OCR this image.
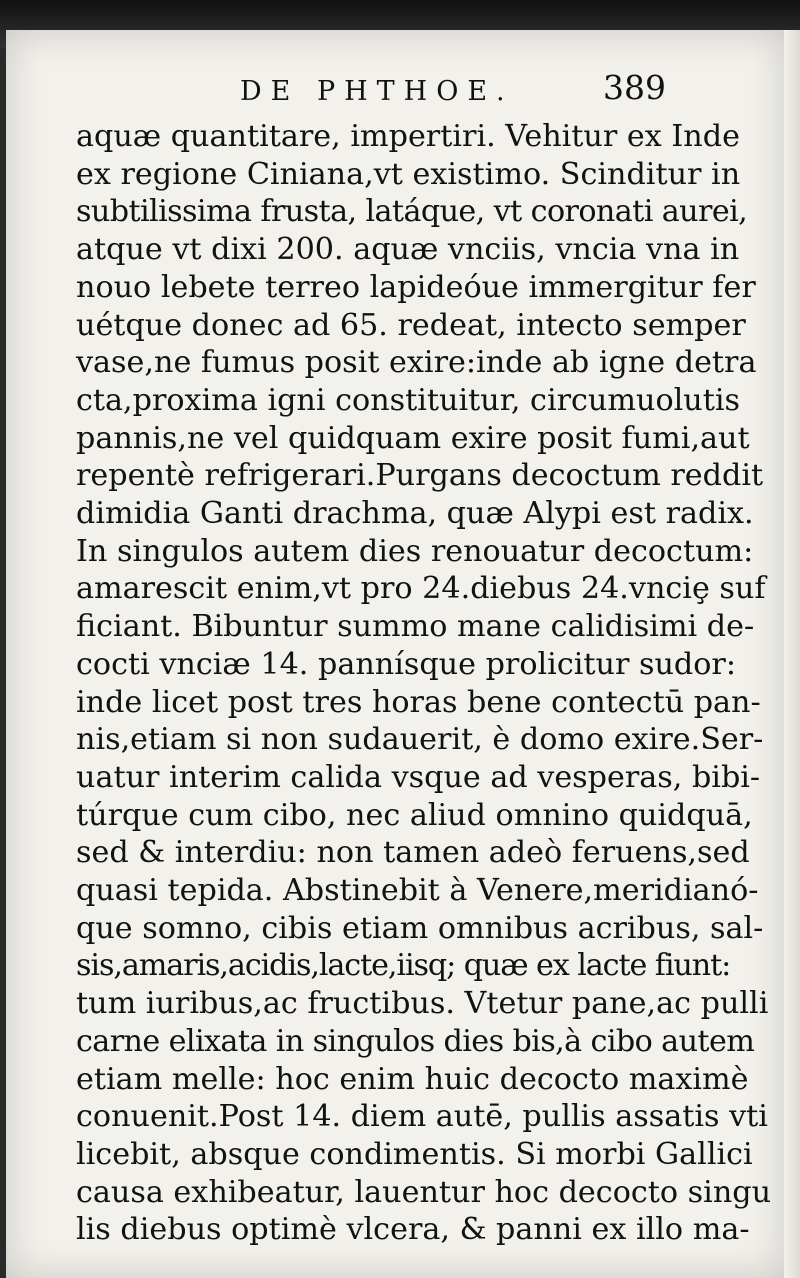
DE PHTHOE.	389
aquæ quantitare, impertiri. Vehitur ex Inde
ex regione Ciniana,vt existimo. Scinditur in
subtilissima frusta, latáque, vt coronati aurei,
atque vt dixi 200. aquæ vnciis, vncia vna in
nouo lebete terreo lapideóue immergitur fer
uétque donec ad 65. redeat, intecto semper
vase,ne fumus posit exire:inde ab igne detra
cta,proxima igni constituitur, circumuolutis
pannis,ne vel quidquam exire posit fumi,aut
repentè refrigerari.Purgans decoctum reddit
dimidia Ganti drachma, quæ Alypi est radix.
In singulos autem dies renouatur decoctum:
amarescit enim,vt pro 24.diebus 24.vnciȩ suf
ficiant. Bibuntur summo mane calidisimi de-
cocti vnciæ 14. pannísque prolicitur sudor:
inde licet post tres horas bene contectū pan-
nis,etiam si non sudauerit, è domo exire.Ser-
uatur interim calida vsque ad vesperas, bibi-
túrque cum cibo, nec aliud omnino quidquā,
sed & interdiu: non tamen adeò feruens,sed
quasi tepida. Abstinebit à Venere,meridianó-
que somno, cibis etiam omnibus acribus, sal-
sis,amaris,acidis,lacte,iisq; quæ ex lacte fiunt:
tum iuribus,ac fructibus. Vtetur pane,ac pulli
carne elixata in singulos dies bis,à cibo autem
etiam melle: hoc enim huic decocto maximè
conuenit.Post 14. diem autē, pullis assatis vti
licebit, absque condimentis. Si morbi Gallici
causa exhibeatur, lauentur hoc decocto singu
lis diebus optimè vlcera, & panni ex illo ma-
